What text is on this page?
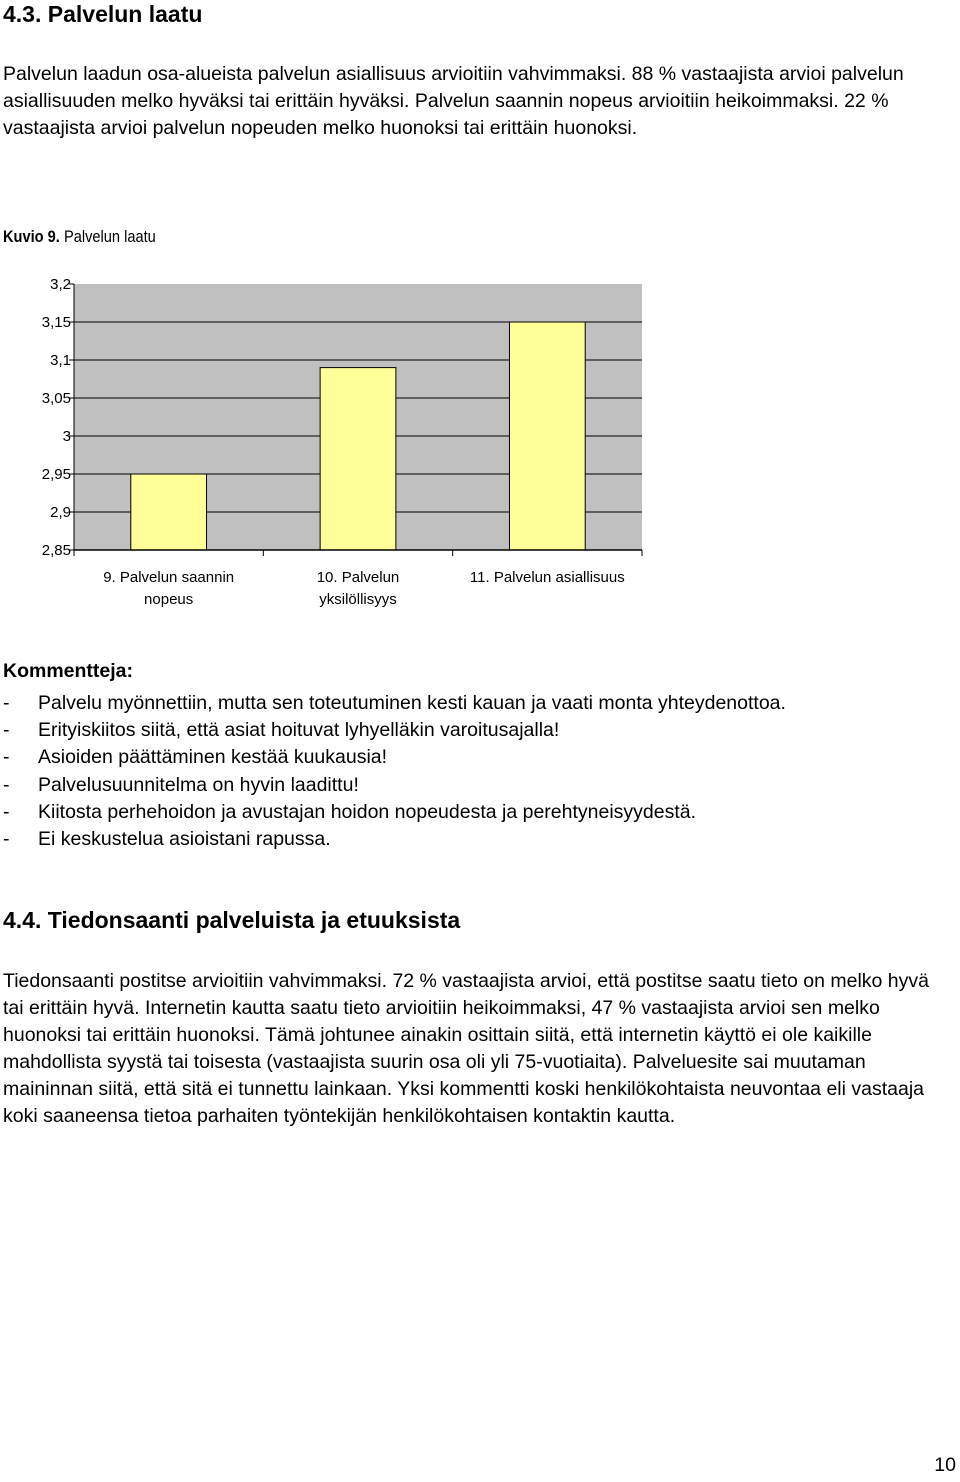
4.3. Palvelun laatu

Palvelun laadun osa-alueista palvelun asiallisuus arvioitiin vahvimmaksi. 88 % vastaajista arvioi palvelun asiallisuuden melko hyväksi tai erittäin hyväksi. Palvelun saannin nopeus arvioitiin heikoimmaksi. 22 % vastaajista arvioi palvelun nopeuden melko huonoksi tai erittäin huonoksi.

Kuvio 9. Palvelun laatu
3,2
3,15
3,1
3,05
3
2,95
2,9
2,85
9. Palvelun saannin
nopeus
10. Palvelun
yksilöllisyys
11. Palvelun asiallisuus
Kommentteja:
- Palvelu myönnettiin, mutta sen toteutuminen kesti kauan ja vaati monta yhteydenottoa.
- Erityiskiitos siitä, että asiat hoituvat lyhyelläkin varoitusajalla!
- Asioiden päättäminen kestää kuukausia!
- Palvelusuunnitelma on hyvin laadittu!
- Kiitosta perhehoidon ja avustajan hoidon nopeudesta ja perehtyneisyydestä.
- Ei keskustelua asioistani rapussa.
4.4. Tiedonsaanti palveluista ja etuuksista

Tiedonsaanti postitse arvioitiin vahvimmaksi. 72 % vastaajista arvioi, että postitse saatu tieto on melko hyvä tai erittäin hyvä. Internetin kautta saatu tieto arvioitiin heikoimmaksi, 47 % vastaajista arvioi sen melko huonoksi tai erittäin huonoksi. Tämä johtunee ainakin osittain siitä, että internetin käyttö ei ole kaikille mahdollista syystä tai toisesta (vastaajista suurin osa oli yli 75-vuotiaita). Palveluesite sai muutaman maininnan siitä, että sitä ei tunnettu lainkaan. Yksi kommentti koski henkilökohtaista neuvontaa eli vastaaja koki saaneensa tietoa parhaiten työntekijän henkilökohtaisen kontaktin kautta.

10
